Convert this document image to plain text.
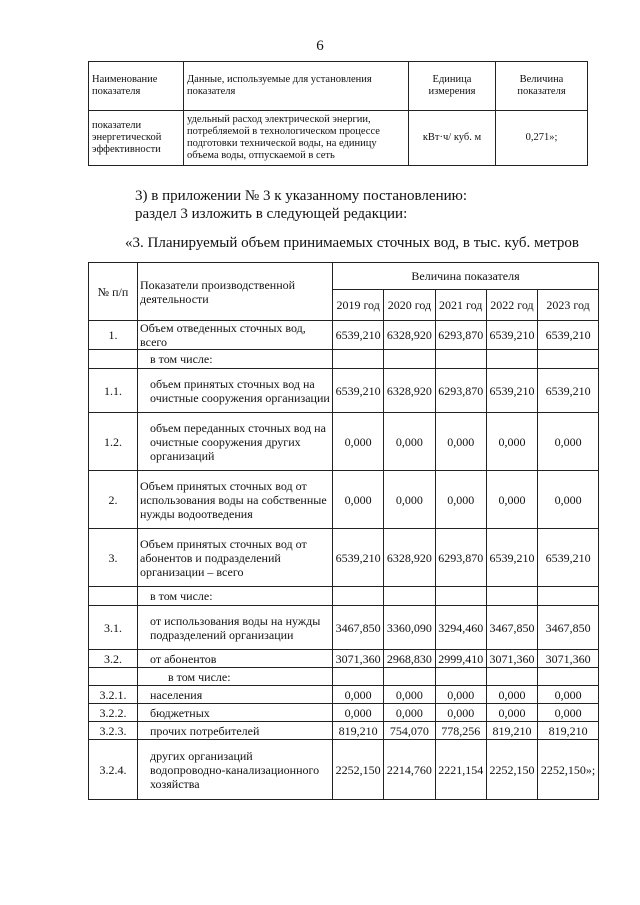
6
Наименование показателя	Данные, используемые для установления показателя	Единица измерения	Величина показателя
показатели энергетической эффективности	удельный расход электрической энергии, потребляемой в технологическом процессе подготовки технической воды, на единицу объема воды, отпускаемой в сеть	кВт·ч/ куб. м	0,271»;
3) в приложении № 3 к указанному постановлению:
раздел 3 изложить в следующей редакции:
«3. Планируемый объем принимаемых сточных вод, в тыс. куб. метров
№ п/п	Показатели производственной деятельности	Величина показателя				
		2019 год	2020 год	2021 год	2022 год	2023 год
1.	Объем отведенных сточных вод, всего	6539,210	6328,920	6293,870	6539,210	6539,210
	в том числе:					
1.1.	объем принятых сточных вод на очистные сооружения организации	6539,210	6328,920	6293,870	6539,210	6539,210
1.2.	объем переданных сточных вод на очистные сооружения других организаций	0,000	0,000	0,000	0,000	0,000
2.	Объем принятых сточных вод от использования воды на собственные нужды водоотведения	0,000	0,000	0,000	0,000	0,000
3.	Объем принятых сточных вод от абонентов и подразделений организации – всего	6539,210	6328,920	6293,870	6539,210	6539,210
	в том числе:					
3.1.	от использования воды на нужды подразделений организации	3467,850	3360,090	3294,460	3467,850	3467,850
3.2.	от абонентов	3071,360	2968,830	2999,410	3071,360	3071,360
	в том числе:					
3.2.1.	населения	0,000	0,000	0,000	0,000	0,000
3.2.2.	бюджетных	0,000	0,000	0,000	0,000	0,000
3.2.3.	прочих потребителей	819,210	754,070	778,256	819,210	819,210
3.2.4.	других организаций водопроводно-канализационного хозяйства	2252,150	2214,760	2221,154	2252,150	2252,150»;
